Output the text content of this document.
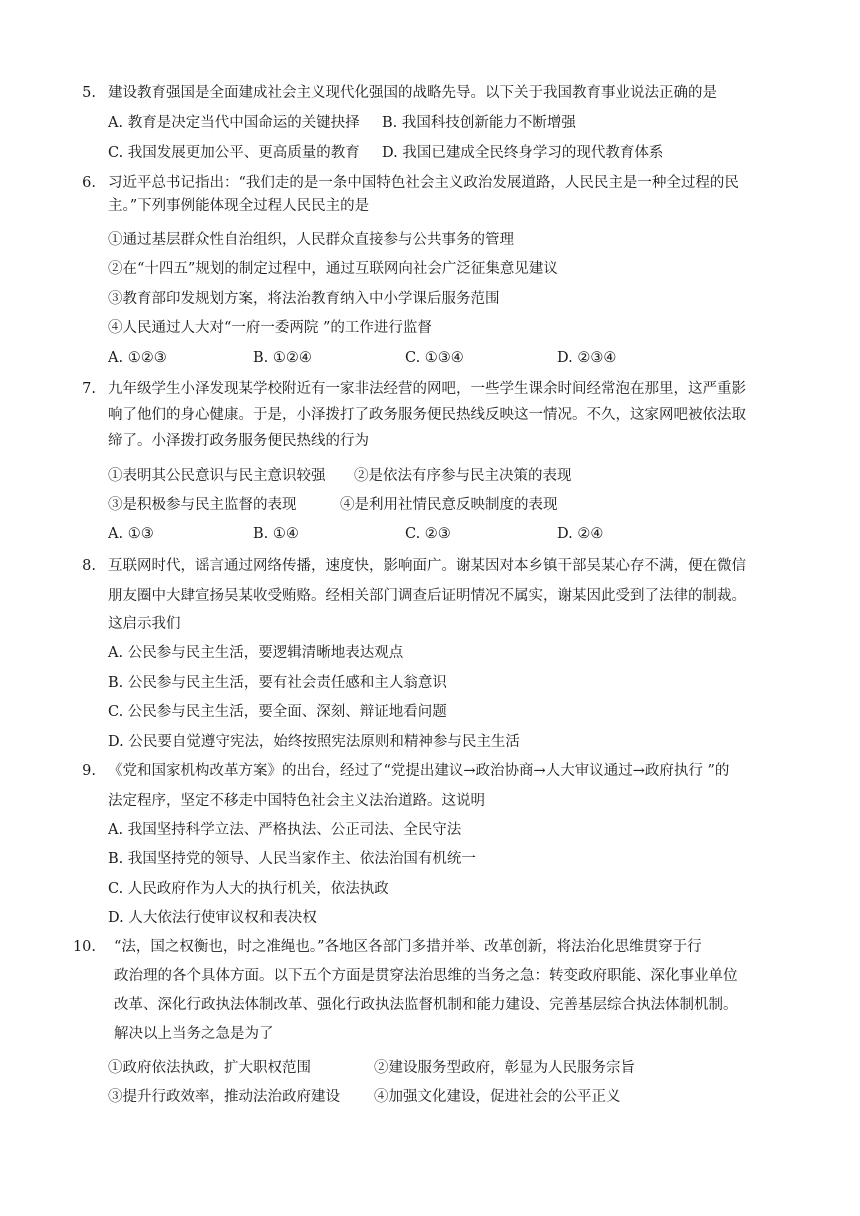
5. 建设教育强国是全面建成社会主义现代化强国的战略先导。以下关于我国教育事业说法正确的是
A. 教育是决定当代中国命运的关键抉择 B. 我国科技创新能力不断增强
C. 我国发展更加公平、更高质量的教育 D. 我国已建成全民终身学习的现代教育体系
6. 习近平总书记指出：“我们走的是一条中国特色社会主义政治发展道路，人民民主是一种全过程的民
主。”下列事例能体现全过程人民民主的是
①通过基层群众性自治组织，人民群众直接参与公共事务的管理
②在“十四五”规划的制定过程中，通过互联网向社会广泛征集意见建议
③教育部印发规划方案，将法治教育纳入中小学课后服务范围
④人民通过人大对“一府一委两院 ”的工作进行监督
A. ①②③	B. ①②④	C. ①③④	D. ②③④
7. 九年级学生小泽发现某学校附近有一家非法经营的网吧，一些学生课余时间经常泡在那里，这严重影
响了他们的身心健康。于是，小泽拨打了政务服务便民热线反映这一情况。不久，这家网吧被依法取
缔了。小泽拨打政务服务便民热线的行为
①表明其公民意识与民主意识较强 ②是依法有序参与民主决策的表现
③是积极参与民主监督的表现	④是利用社情民意反映制度的表现
A. ①③	B. ①④	C. ②③	D. ②④
8. 互联网时代，谣言通过网络传播，速度快，影响面广。谢某因对本乡镇干部吴某心存不满，便在微信
朋友圈中大肆宣扬吴某收受贿赂。经相关部门调查后证明情况不属实，谢某因此受到了法律的制裁。
这启示我们
A. 公民参与民主生活，要逻辑清晰地表达观点
B. 公民参与民主生活，要有社会责任感和主人翁意识
C. 公民参与民主生活，要全面、深刻、辩证地看问题
D. 公民要自觉遵守宪法，始终按照宪法原则和精神参与民主生活
9. 《党和国家机构改革方案》的出台，经过了“党提出建议→政治协商→人大审议通过→政府执行 ”的
法定程序，坚定不移走中国特色社会主义法治道路。这说明
A. 我国坚持科学立法、严格执法、公正司法、全民守法
B. 我国坚持党的领导、人民当家作主、依法治国有机统一
C. 人民政府作为人大的执行机关，依法执政
D. 人大依法行使审议权和表决权
10. “法，国之权衡也，时之准绳也。”各地区各部门多措并举、改革创新，将法治化思维贯穿于行
政治理的各个具体方面。以下五个方面是贯穿法治思维的当务之急：转变政府职能、深化事业单位
改革、深化行政执法体制改革、强化行政执法监督机制和能力建设、完善基层综合执法体制机制。
解决以上当务之急是为了
①政府依法执政，扩大职权范围	②建设服务型政府，彰显为人民服务宗旨
③提升行政效率，推动法治政府建设 ④加强文化建设，促进社会的公平正义
